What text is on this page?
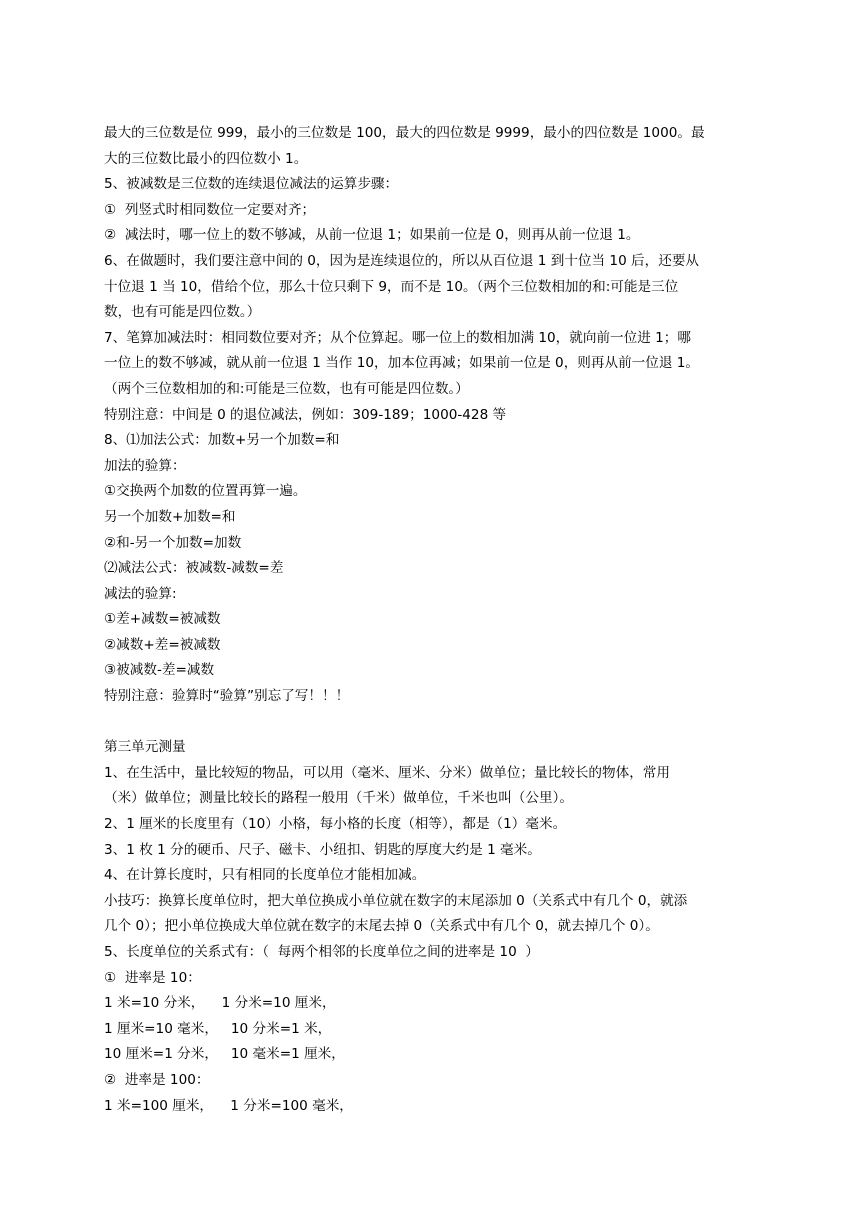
最大的三位数是位 999，最小的三位数是 100，最大的四位数是 9999，最小的四位数是 1000。最
大的三位数比最小的四位数小 1。
5、被减数是三位数的连续退位减法的运算步骤：
①  列竖式时相同数位一定要对齐；
②  减法时，哪一位上的数不够减，从前一位退 1；如果前一位是 0，则再从前一位退 1。
6、在做题时，我们要注意中间的 0，因为是连续退位的，所以从百位退 1 到十位当 10 后，还要从
十位退 1 当 10，借给个位，那么十位只剩下 9，而不是 10。（两个三位数相加的和:可能是三位
数，也有可能是四位数。）
7、笔算加减法时：相同数位要对齐；从个位算起。哪一位上的数相加满 10，就向前一位进 1；哪
一位上的数不够减，就从前一位退 1 当作 10，加本位再减；如果前一位是 0，则再从前一位退 1。
（两个三位数相加的和:可能是三位数，也有可能是四位数。）
特别注意：中间是 0 的退位减法，例如：309-189；1000-428 等
8、⑴加法公式：加数+另一个加数=和
加法的验算：
①交换两个加数的位置再算一遍。
另一个加数+加数=和
②和-另一个加数=加数
⑵减法公式：被减数-减数=差
减法的验算:
①差+减数=被减数
②减数+差=被减数
③被减数-差=减数
特别注意：验算时“验算”别忘了写！！！
第三单元测量
1、在生活中，量比较短的物品，可以用（毫米、厘米、分米）做单位；量比较长的物体，常用
（米）做单位；测量比较长的路程一般用（千米）做单位，千米也叫（公里）。
2、1 厘米的长度里有（10）小格，每小格的长度（相等），都是（1）毫米。
3、1 枚 1 分的硬币、尺子、磁卡、小纽扣、钥匙的厚度大约是 1 毫米。
4、在计算长度时，只有相同的长度单位才能相加减。
小技巧：换算长度单位时，把大单位换成小单位就在数字的末尾添加 0（关系式中有几个 0，就添
几个 0）；把小单位换成大单位就在数字的末尾去掉 0（关系式中有几个 0，就去掉几个 0）。
5、长度单位的关系式有：（  每两个相邻的长度单位之间的进率是 10  ）
①  进率是 10：
1 米=10 分米，    1 分米=10 厘米，
1 厘米=10 毫米，   10 分米=1 米，
10 厘米=1 分米，   10 毫米=1 厘米，
②  进率是 100：
1 米=100 厘米，    1 分米=100 毫米，
